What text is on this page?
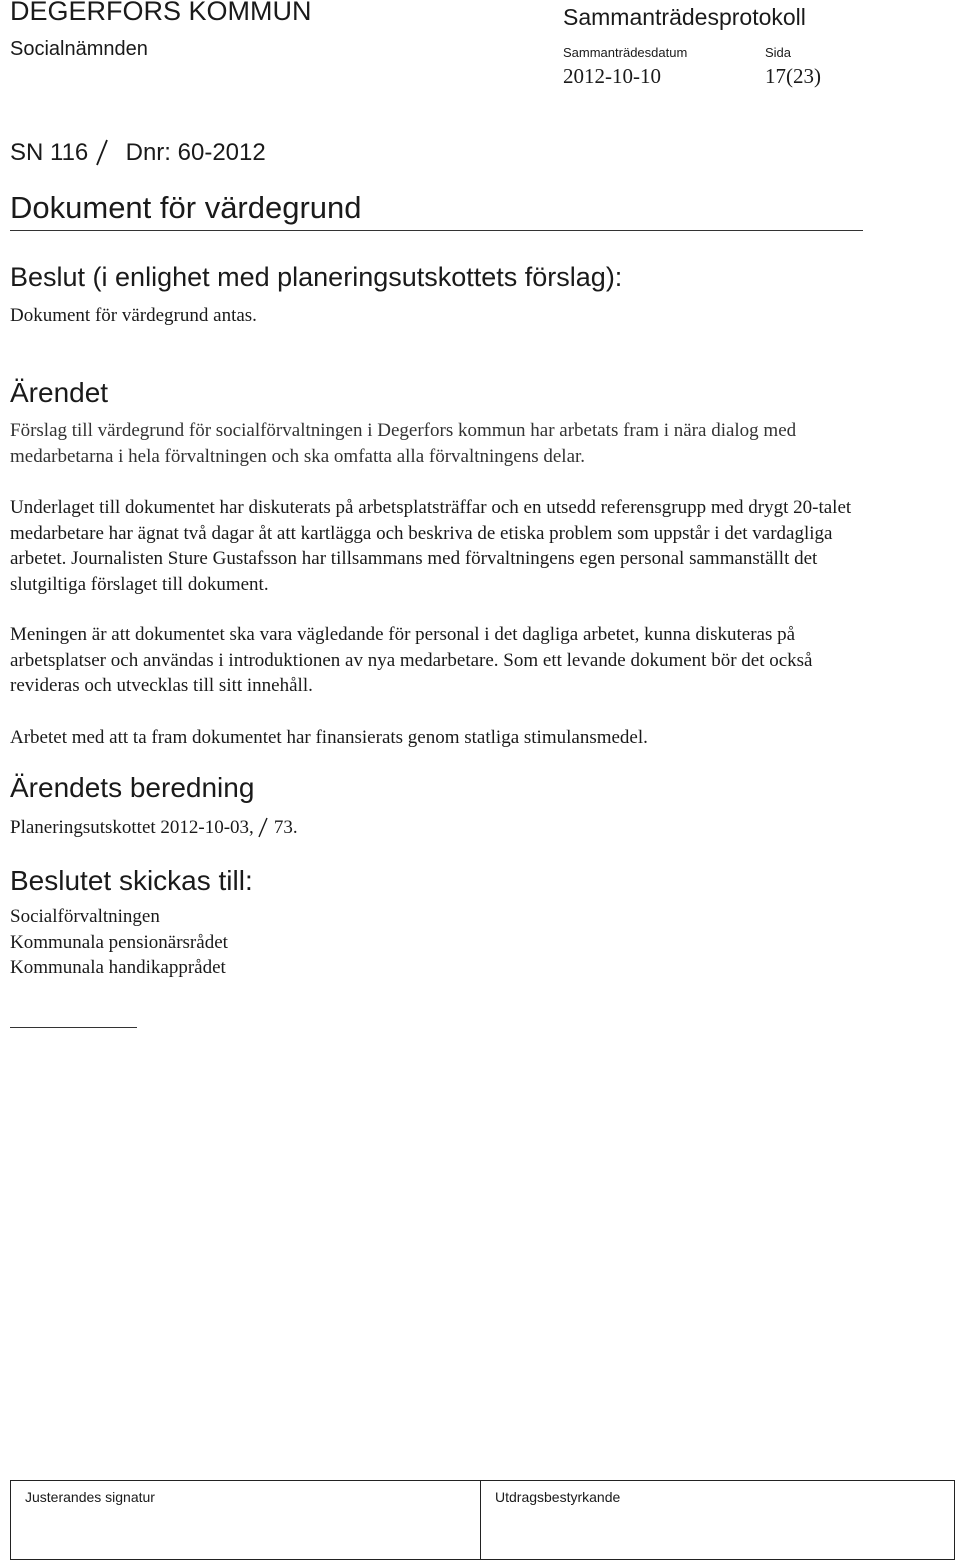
DEGERFORS KOMMUN
Socialnämnden
Sammanträdesprotokoll
Sammanträdesdatum	Sida
2012-10-10	17(23)
SN 116 Dnr: 60-2012
Dokument för värdegrund
Beslut (i enlighet med planeringsutskottets förslag):
Dokument för värdegrund antas.
Ärendet
Förslag till värdegrund för socialförvaltningen i Degerfors kommun har arbetats fram i nära dialog med medarbetarna i hela förvaltningen och ska omfatta alla förvaltningens delar.
Underlaget till dokumentet har diskuterats på arbetsplatsträffar och en utsedd referensgrupp med drygt 20-talet medarbetare har ägnat två dagar åt att kartlägga och beskriva de etiska problem som uppstår i det vardagliga arbetet. Journalisten Sture Gustafsson har tillsammans med förvaltningens egen personal sammanställt det slutgiltiga förslaget till dokument.
Meningen är att dokumentet ska vara vägledande för personal i det dagliga arbetet, kunna diskuteras på arbetsplatser och användas i introduktionen av nya medarbetare. Som ett levande dokument bör det också revideras och utvecklas till sitt innehåll.
Arbetet med att ta fram dokumentet har finansierats genom statliga stimulansmedel.
Ärendets beredning
Planeringsutskottet 2012-10-03, 73.
Beslutet skickas till:
Socialförvaltningen
Kommunala pensionärsrådet
Kommunala handikapprådet
Justerandes signatur	Utdragsbestyrkande
